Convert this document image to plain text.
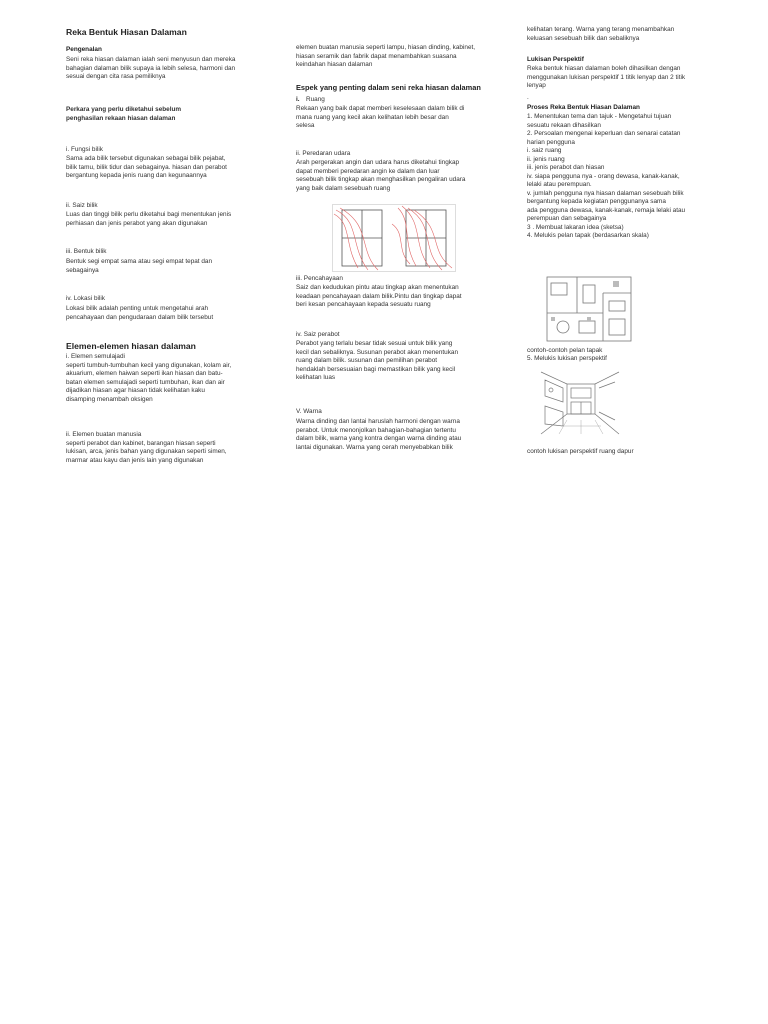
Reka Bentuk Hiasan Dalaman
Pengenalan
Seni reka hiasan dalaman ialah seni menyusun dan mereka
bahagian dalaman bilik supaya ia lebih selesa, harmoni dan
sesuai dengan cita rasa pemiliknya
Perkara yang perlu diketahui sebelum
penghasilan rekaan hiasan dalaman
i. Fungsi bilik
Sama ada bilik tersebut digunakan sebagai bilik pejabat,
bilik tamu, bilik tidur dan sebagainya. hiasan dan perabot
bergantung kepada jenis ruang dan kegunaannya
ii. Saiz bilik
Luas dan tinggi bilik perlu diketahui bagi menentukan jenis
perhiasan dan jenis perabot yang akan digunakan
iii. Bentuk bilik
Bentuk segi empat sama atau segi empat tepat dan
sebagainya
iv. Lokasi bilik
Lokasi bilik adalah penting untuk mengetahui arah
pencahayaan dan pengudaraan dalam bilik tersebut
Elemen-elemen hiasan dalaman
i. Elemen semulajadi
seperti tumbuh-tumbuhan kecil yang digunakan, kolam air,
akuarium, elemen haiwan seperti ikan hiasan dan batu-
batan elemen semulajadi seperti tumbuhan, ikan dan air
dijadikan hiasan agar hiasan tidak kelihatan kaku
disamping menambah oksigen
ii. Elemen buatan manusia
seperti perabot dan kabinet, barangan hiasan seperti
lukisan, arca, jenis bahan yang digunakan seperti simen,
marmar atau kayu dan jenis lain yang digunakan
elemen buatan manusia seperti lampu, hiasan dinding, kabinet,
hiasan seramik dan fabrik dapat menambahkan suasana
keindahan hiasan dalaman
Espek yang penting dalam seni reka hiasan dalaman
i. Ruang
Rekaan yang baik dapat memberi keselesaan dalam bilik di
mana ruang yang kecil akan kelihatan lebih besar dan
selesa
ii. Peredaran udara
Arah pergerakan angin dan udara harus diketahui tingkap
dapat memberi peredaran angin ke dalam dan luar
sesebuah bilik tingkap akan menghasilkan pengaliran udara
yang baik dalam sesebuah ruang
iii. Pencahayaan
Saiz dan kedudukan pintu atau tingkap akan menentukan
keadaan pencahayaan dalam bilik.Pintu dan tingkap dapat
beri kesan pencahayaan kepada sesuatu ruang
iv. Saiz perabot
Perabot yang terlalu besar tidak sesuai untuk bilik yang
kecil dan sebaliknya. Susunan perabot akan menentukan
ruang dalam bilik. susunan dan pemilihan perabot
hendaklah bersesuaian bagi memastikan bilik yang kecil
kelihatan luas
V. Warna
Warna dinding dan lantai haruslah harmoni dengan warna
perabot. Untuk menonjolkan bahagian-bahagian tertentu
dalam bilik, warna yang kontra dengan warna dinding atau
lantai digunakan. Warna yang cerah menyebabkan bilik
kelihatan terang. Warna yang terang menambahkan
keluasan sesebuah bilik dan sebaliknya
Lukisan Perspektif
Reka bentuk hiasan dalaman boleh dihasilkan dengan
menggunakan lukisan perspektif 1 titik lenyap dan 2 titik
lenyap
.
Proses Reka Bentuk Hiasan Dalaman
1. Menentukan tema dan tajuk - Mengetahui tujuan
sesuatu rekaan dihasilkan
2. Persoalan mengenai keperluan dan senarai catatan
harian pengguna
i. saiz ruang
ii. jenis ruang
iii. jenis perabot dan hiasan
iv. siapa pengguna nya - orang dewasa, kanak-kanak,
lelaki atau perempuan.
v. jumlah pengguna nya hiasan dalaman sesebuah bilik
bergantung kepada kegiatan penggunanya sama
ada pengguna dewasa, kanak-kanak, remaja lelaki atau
perempuan dan sebagainya
3 . Membuat lakaran idea (sketsa)
4. Melukis pelan tapak (berdasarkan skala)
contoh-contoh pelan tapak
5. Melukis lukisan perspektif
contoh lukisan perspektif ruang dapur
